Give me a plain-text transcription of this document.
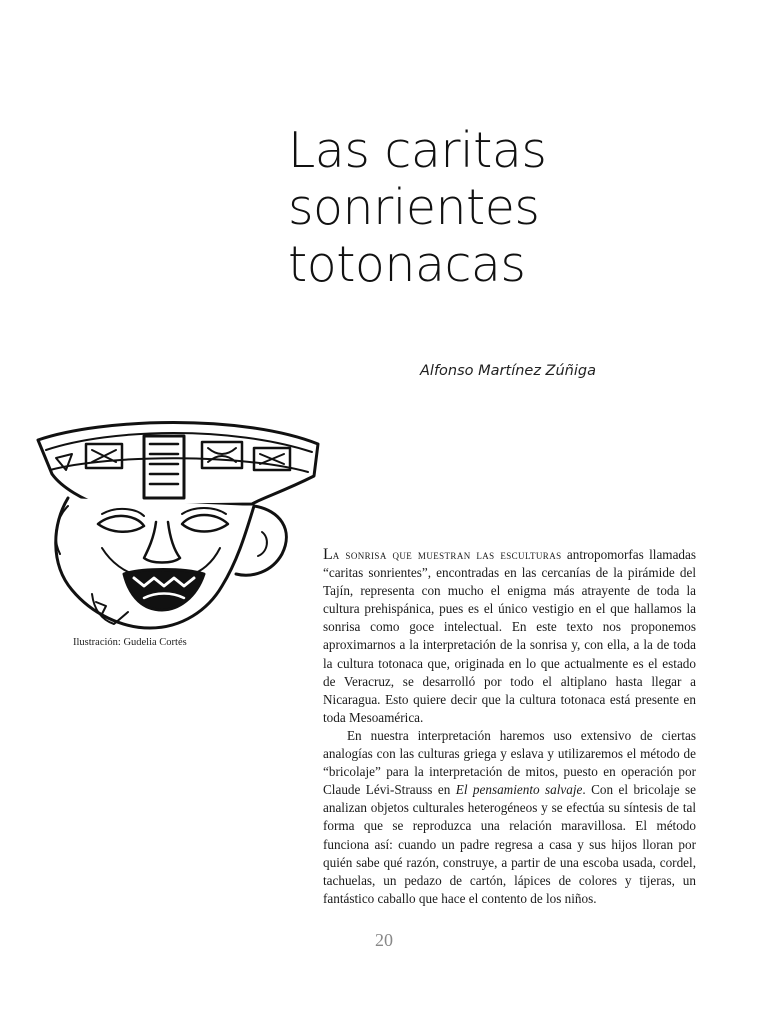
Las caritas
sonrientes
totonacas
Alfonso Martínez Zúñiga
Ilustración: Gudelia Cortés

La sonrisa que muestran las esculturas antropomorfas llamadas “caritas sonrientes”, encontradas en las cercanías de la pirámide del Tajín, representa con mucho el enigma más atrayente de toda la cultura prehispánica, pues es el único vestigio en el que hallamos la sonrisa como goce intelectual. En este texto nos proponemos aproximarnos a la interpretación de la sonrisa y, con ella, a la de toda la cultura totonaca que, originada en lo que actualmente es el estado de Veracruz, se desarrolló por todo el altiplano hasta llegar a Nicaragua. Esto quiere decir que la cultura totonaca está presente en toda Mesoamérica.

En nuestra interpretación haremos uso extensivo de ciertas analogías con las culturas griega y eslava y utilizaremos el método de “bricolaje” para la interpretación de mitos, puesto en operación por Claude Lévi-Strauss en El pensamiento salvaje. Con el bricolaje se analizan objetos culturales heterogéneos y se efectúa su síntesis de tal forma que se reproduzca una relación maravillosa. El método funciona así: cuando un padre regresa a casa y sus hijos lloran por quién sabe qué razón, construye, a partir de una escoba usada, cordel, tachuelas, un pedazo de cartón, lápices de colores y tijeras, un fantástico caballo que hace el contento de los niños.

20
